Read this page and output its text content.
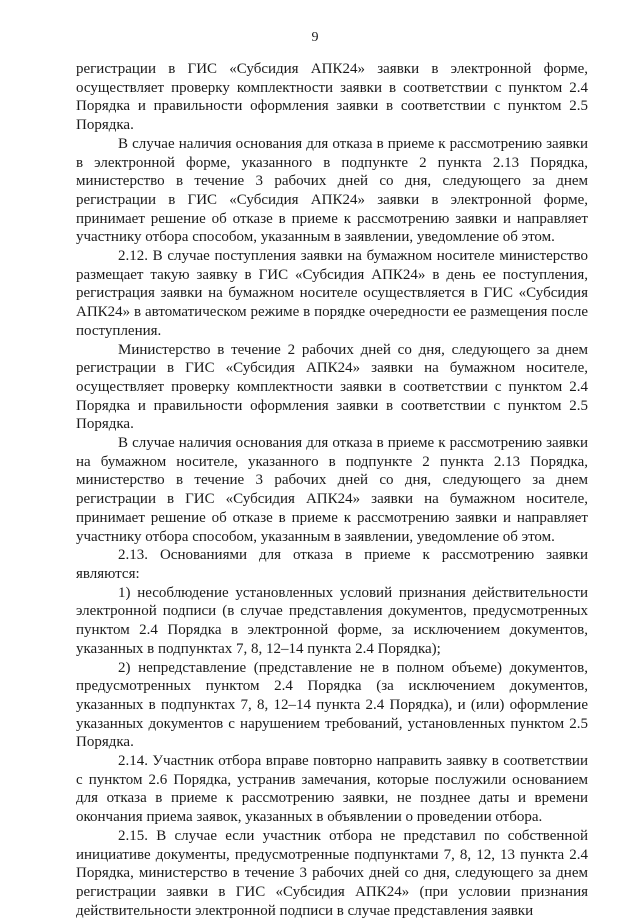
9

регистрации в ГИС «Субсидия АПК24» заявки в электронной форме, осуществляет проверку комплектности заявки в соответствии с пунктом 2.4 Порядка и правильности оформления заявки в соответствии с пунктом 2.5 Порядка.

В случае наличия основания для отказа в приеме к рассмотрению заявки в электронной форме, указанного в подпункте 2 пункта 2.13 Порядка, министерство в течение 3 рабочих дней со дня, следующего за днем регистрации в ГИС «Субсидия АПК24» заявки в электронной форме, принимает решение об отказе в приеме к рассмотрению заявки и направляет участнику отбора способом, указанным в заявлении, уведомление об этом.

2.12. В случае поступления заявки на бумажном носителе министерство размещает такую заявку в ГИС «Субсидия АПК24» в день ее поступления, регистрация заявки на бумажном носителе осуществляется в ГИС «Субсидия АПК24» в автоматическом режиме в порядке очередности ее размещения после поступления.

Министерство в течение 2 рабочих дней со дня, следующего за днем регистрации в ГИС «Субсидия АПК24» заявки на бумажном носителе, осуществляет проверку комплектности заявки в соответствии с пунктом 2.4 Порядка и правильности оформления заявки в соответствии с пунктом 2.5 Порядка.

В случае наличия основания для отказа в приеме к рассмотрению заявки на бумажном носителе, указанного в подпункте 2 пункта 2.13 Порядка, министерство в течение 3 рабочих дней со дня, следующего за днем регистрации в ГИС «Субсидия АПК24» заявки на бумажном носителе, принимает решение об отказе в приеме к рассмотрению заявки и направляет участнику отбора способом, указанным в заявлении, уведомление об этом.

2.13. Основаниями для отказа в приеме к рассмотрению заявки являются:

1) несоблюдение установленных условий признания действительности электронной подписи (в случае представления документов, предусмотренных пунктом 2.4 Порядка в электронной форме, за исключением документов, указанных в подпунктах 7, 8, 12–14 пункта 2.4 Порядка);

2) непредставление (представление не в полном объеме) документов, предусмотренных пунктом 2.4 Порядка (за исключением документов, указанных в подпунктах 7, 8, 12–14 пункта 2.4 Порядка), и (или) оформление указанных документов с нарушением требований, установленных пунктом 2.5 Порядка.

2.14. Участник отбора вправе повторно направить заявку в соответствии с пунктом 2.6 Порядка, устранив замечания, которые послужили основанием для отказа в приеме к рассмотрению заявки, не позднее даты и времени окончания приема заявок, указанных в объявлении о проведении отбора.

2.15. В случае если участник отбора не представил по собственной инициативе документы, предусмотренные подпунктами 7, 8, 12, 13 пункта 2.4 Порядка, министерство в течение 3 рабочих дней со дня, следующего за днем регистрации заявки в ГИС «Субсидия АПК24» (при условии признания действительности электронной подписи в случае представления заявки
